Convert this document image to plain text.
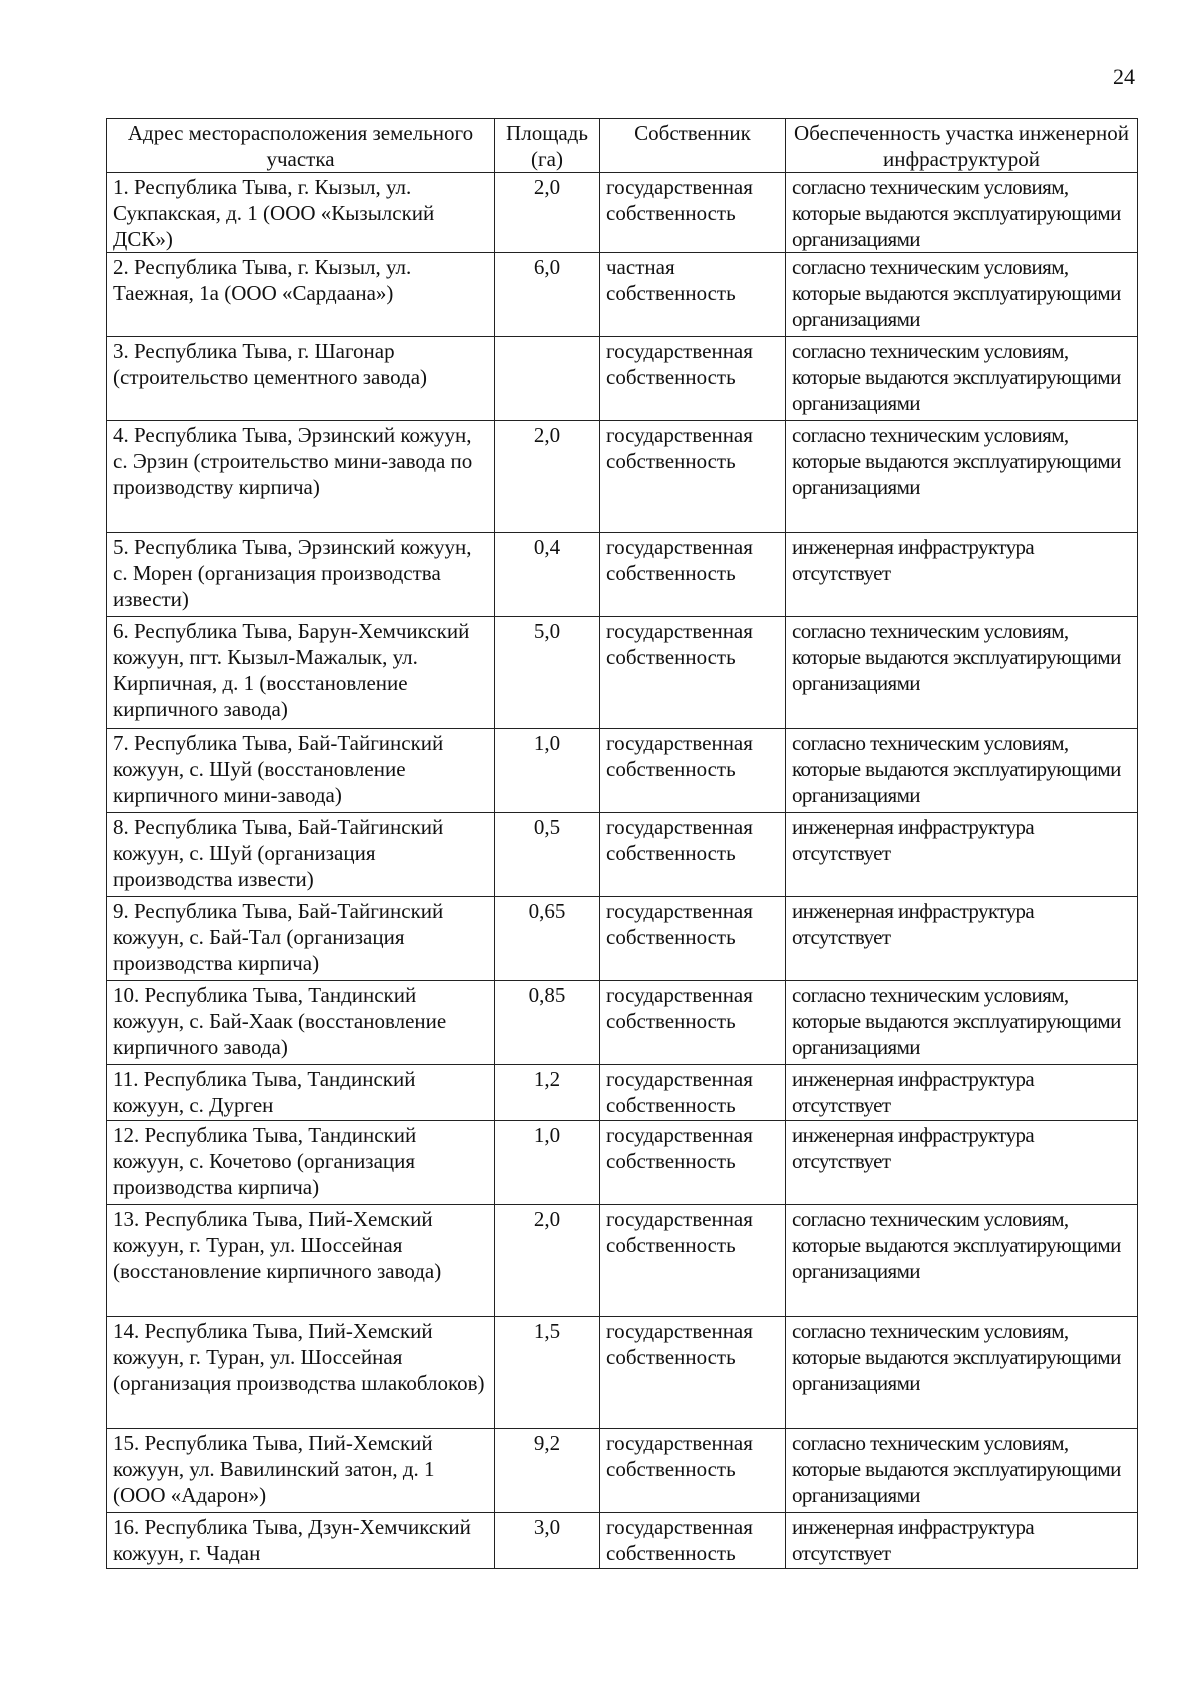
24
Адрес месторасположения земельного участка	Площадь (га)	Собственник	Обеспеченность участка инженерной инфраструктурой
1. Республика Тыва, г. Кызыл, ул. Сукпакская, д. 1 (ООО «Кызылский ДСК»)	2,0	государственная собственность	согласно техническим условиям, которые выдаются эксплуатирующими организациями
2. Республика Тыва, г. Кызыл, ул. Таежная, 1а (ООО «Сардаана»)	6,0	частная собственность	согласно техническим условиям, которые выдаются эксплуатирующими организациями
3. Республика Тыва, г. Шагонар (строительство цементного завода)		государственная собственность	согласно техническим условиям, которые выдаются эксплуатирующими организациями
4. Республика Тыва, Эрзинский кожуун, с. Эрзин (строительство мини-завода по производству кирпича)	2,0	государственная собственность	согласно техническим условиям, которые выдаются эксплуатирующими организациями
5. Республика Тыва, Эрзинский кожуун, с. Морен (организация производства извести)	0,4	государственная собственность	инженерная инфраструктура отсутствует
6. Республика Тыва, Барун-Хемчикский кожуун, пгт. Кызыл-Мажалык, ул. Кирпичная, д. 1 (восстановление кирпичного завода)	5,0	государственная собственность	согласно техническим условиям, которые выдаются эксплуатирующими организациями
7. Республика Тыва, Бай-Тайгинский кожуун, с. Шуй (восстановление кирпичного мини-завода)	1,0	государственная собственность	согласно техническим условиям, которые выдаются эксплуатирующими организациями
8. Республика Тыва, Бай-Тайгинский кожуун, с. Шуй (организация производства извести)	0,5	государственная собственность	инженерная инфраструктура отсутствует
9. Республика Тыва, Бай-Тайгинский кожуун, с. Бай-Тал (организация производства кирпича)	0,65	государственная собственность	инженерная инфраструктура отсутствует
10. Республика Тыва, Тандинский кожуун, с. Бай-Хаак (восстановление кирпичного завода)	0,85	государственная собственность	согласно техническим условиям, которые выдаются эксплуатирующими организациями
11. Республика Тыва, Тандинский кожуун, с. Дурген	1,2	государственная собственность	инженерная инфраструктура отсутствует
12. Республика Тыва, Тандинский кожуун, с. Кочетово (организация производства кирпича)	1,0	государственная собственность	инженерная инфраструктура отсутствует
13. Республика Тыва, Пий-Хемский кожуун, г. Туран, ул. Шоссейная (восстановление кирпичного завода)	2,0	государственная собственность	согласно техническим условиям, которые выдаются эксплуатирующими организациями
14. Республика Тыва, Пий-Хемский кожуун, г. Туран, ул. Шоссейная (организация производства шлакоблоков)	1,5	государственная собственность	согласно техническим условиям, которые выдаются эксплуатирующими организациями
15. Республика Тыва, Пий-Хемский кожуун, ул. Вавилинский затон, д. 1 (ООО «Адарон»)	9,2	государственная собственность	согласно техническим условиям, которые выдаются эксплуатирующими организациями
16. Республика Тыва, Дзун-Хемчикский кожуун, г. Чадан	3,0	государственная собственность	инженерная инфраструктура отсутствует
